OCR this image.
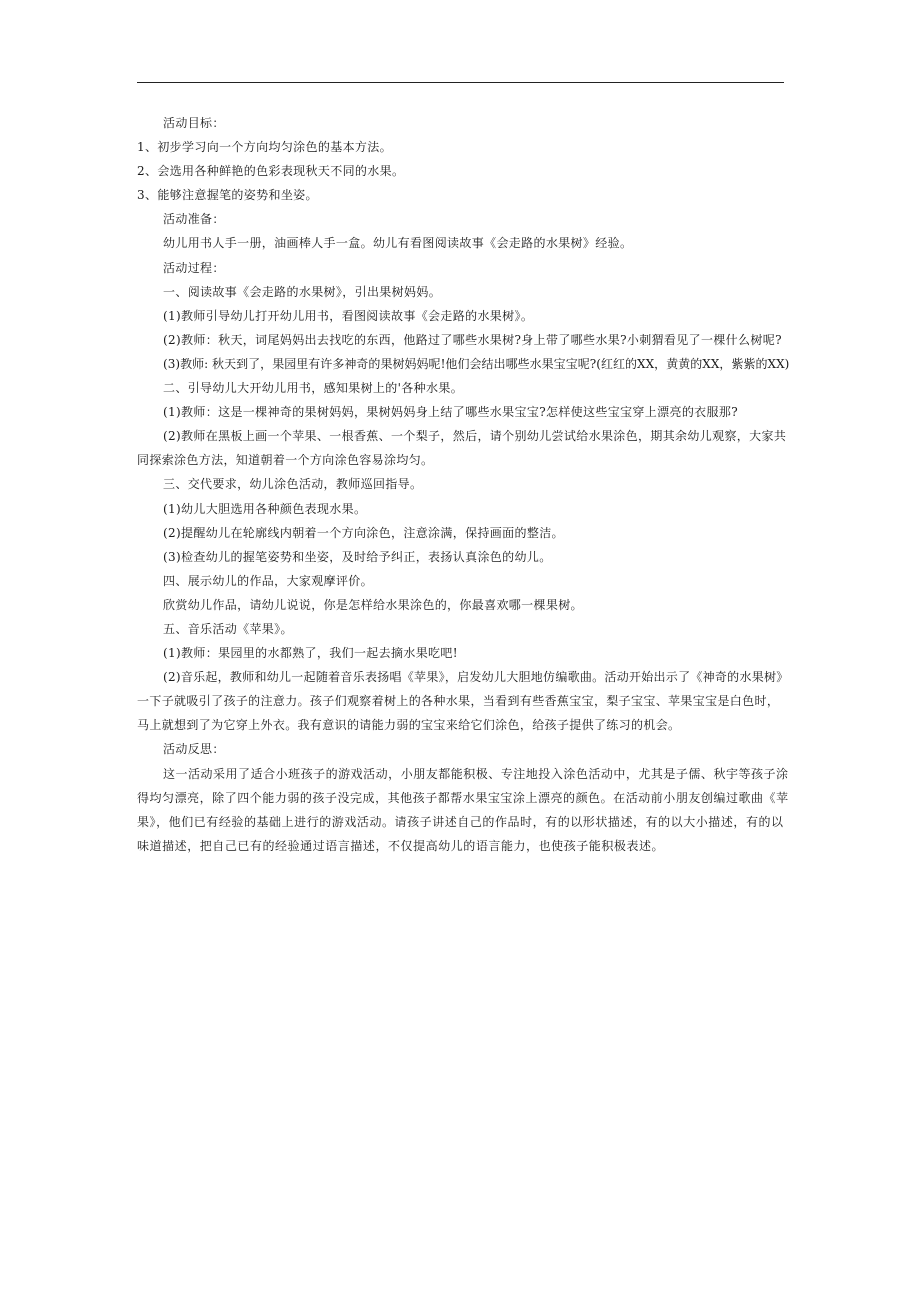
活动目标：
1、初步学习向一个方向均匀涂色的基本方法。
2、会选用各种鲜艳的色彩表现秋天不同的水果。
3、能够注意握笔的姿势和坐姿。
活动准备：
幼儿用书人手一册，油画棒人手一盒。幼儿有看图阅读故事《会走路的水果树》经验。
活动过程：
一、阅读故事《会走路的水果树》，引出果树妈妈。
(1)教师引导幼儿打开幼儿用书，看图阅读故事《会走路的水果树》。
(2)教师：秋天，词尾妈妈出去找吃的东西，他路过了哪些水果树?身上带了哪些水果?小刺猬看见了一棵什么树呢?
(3)教师: 秋天到了，果园里有许多神奇的果树妈妈呢!他们会结出哪些水果宝宝呢?(红红的XX，黄黄的XX，紫紫的XX)
二、引导幼儿大开幼儿用书，感知果树上的'各种水果。
(1)教师：这是一棵神奇的果树妈妈，果树妈妈身上结了哪些水果宝宝?怎样使这些宝宝穿上漂亮的衣服那?
(2)教师在黑板上画一个苹果、一根香蕉、一个梨子，然后，请个别幼儿尝试给水果涂色，期其余幼儿观察，大家共
同探索涂色方法，知道朝着一个方向涂色容易涂均匀。
三、交代要求，幼儿涂色活动，教师巡回指导。
(1)幼儿大胆选用各种颜色表现水果。
(2)提醒幼儿在轮廓线内朝着一个方向涂色，注意涂满，保持画面的整洁。
(3)检查幼儿的握笔姿势和坐姿，及时给予纠正，表扬认真涂色的幼儿。
四、展示幼儿的作品，大家观摩评价。
欣赏幼儿作品，请幼儿说说，你是怎样给水果涂色的，你最喜欢哪一棵果树。
五、音乐活动《苹果》。
(1)教师：果园里的水都熟了，我们一起去摘水果吃吧!
(2)音乐起，教师和幼儿一起随着音乐表扬唱《苹果》，启发幼儿大胆地仿编歌曲。活动开始出示了《神奇的水果树》
一下子就吸引了孩子的注意力。孩子们观察着树上的各种水果，当看到有些香蕉宝宝，梨子宝宝、苹果宝宝是白色时，
马上就想到了为它穿上外衣。我有意识的请能力弱的宝宝来给它们涂色，给孩子提供了练习的机会。
活动反思：
这一活动采用了适合小班孩子的游戏活动，小朋友都能积极、专注地投入涂色活动中，尤其是子儒、秋宇等孩子涂
得均匀漂亮，除了四个能力弱的孩子没完成，其他孩子都帮水果宝宝涂上漂亮的颜色。在活动前小朋友创编过歌曲《苹
果》，他们已有经验的基础上进行的游戏活动。请孩子讲述自己的作品时，有的以形状描述，有的以大小描述，有的以
味道描述，把自己已有的经验通过语言描述，不仅提高幼儿的语言能力，也使孩子能积极表述。
